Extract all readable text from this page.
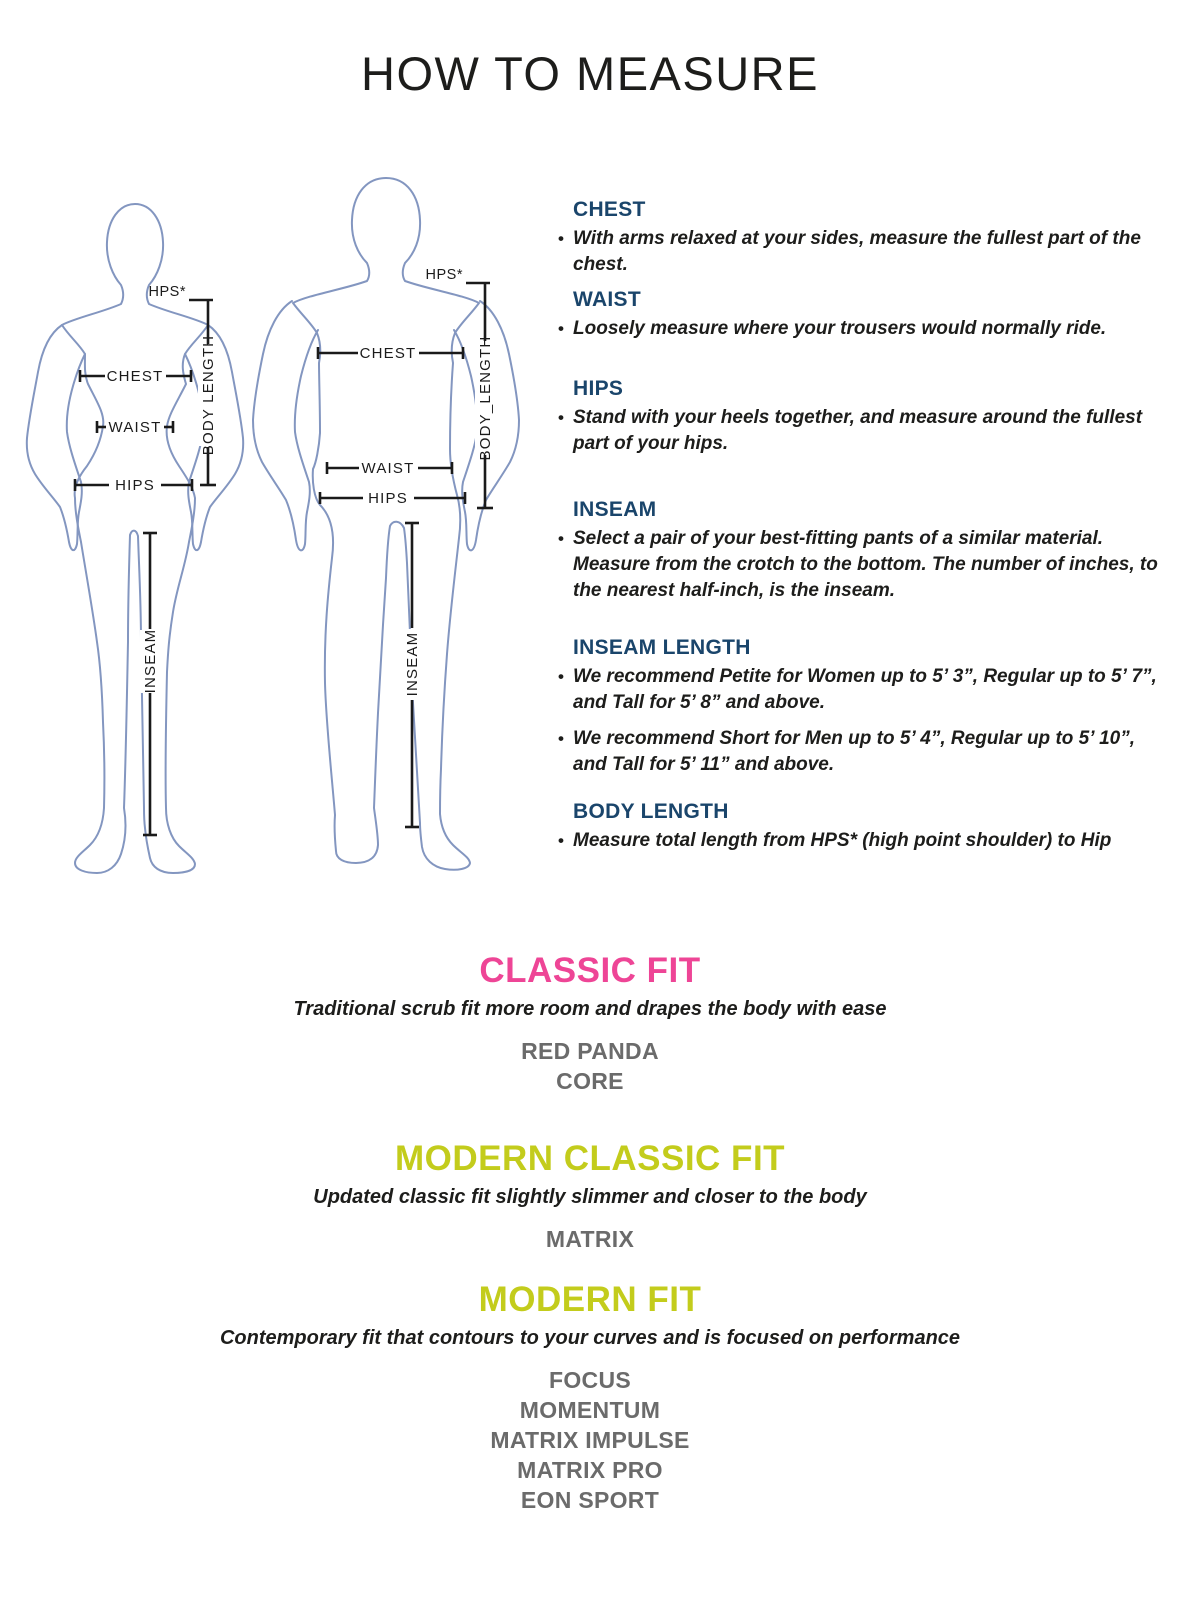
HOW TO MEASURE
HPS*
CHEST
WAIST
HIPS
BODY_LENGTH
INSEAM
HPS*
CHEST
WAIST
HIPS
BODY LENGTH
INSEAM
CHEST

• With arms relaxed at your sides, measure the fullest part of the chest.

WAIST

• Loosely measure where your trousers would normally ride.

HIPS

• Stand with your heels together, and measure around the fullest part of your hips.

INSEAM

• Select a pair of your best-fitting pants of a similar material. Measure from the crotch to the bottom. The number of inches, to the nearest half-inch, is the inseam.

INSEAM LENGTH

• We recommend Petite for Women up to 5’ 3”, Regular up to 5’ 7”, and Tall for 5’ 8” and above.

• We recommend Short for Men up to 5’ 4”, Regular up to 5’ 10”, and Tall for 5’ 11” and above.

BODY LENGTH

• Measure total length from HPS* (high point shoulder) to Hip

CLASSIC FIT

Traditional scrub fit more room and drapes the body with ease

RED PANDA
CORE
MODERN CLASSIC FIT

Updated classic fit slightly slimmer and closer to the body

MATRIX
MODERN FIT

Contemporary fit that contours to your curves and is focused on performance

FOCUS
MOMENTUM
MATRIX IMPULSE
MATRIX PRO
EON SPORT
